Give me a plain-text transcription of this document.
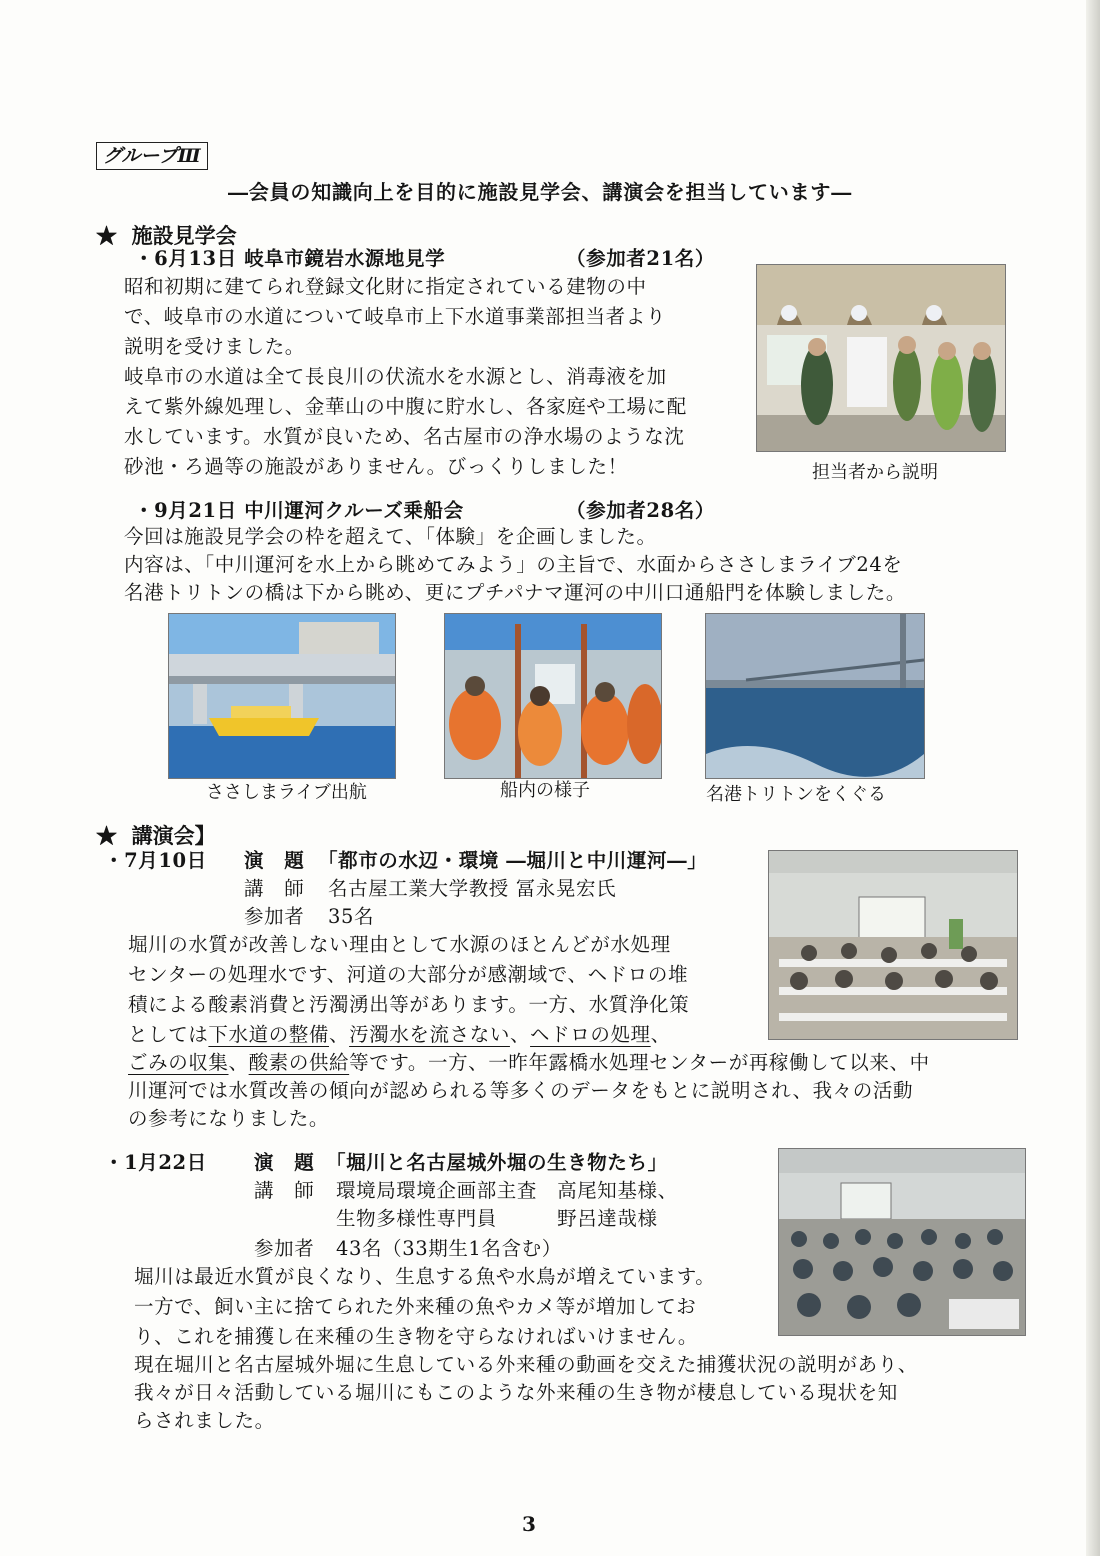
グループⅢ
―会員の知識向上を目的に施設見学会、講演会を担当しています―
★ 施設見学会
・6月13日 岐阜市鏡岩水源地見学	（参加者21名）
昭和初期に建てられ登録文化財に指定されている建物の中
で、岐阜市の水道について岐阜市上下水道事業部担当者より
説明を受けました。
岐阜市の水道は全て長良川の伏流水を水源とし、消毒液を加
えて紫外線処理し、金華山の中腹に貯水し、各家庭や工場に配
水しています。水質が良いため、名古屋市の浄水場のような沈
砂池・ろ過等の施設がありません。びっくりしました！	担当者から説明
・9月21日 中川運河クルーズ乗船会	（参加者28名）
今回は施設見学会の枠を超えて、「体験」を企画しました。
内容は、「中川運河を水上から眺めてみよう」の主旨で、水面からささしまライブ24を
名港トリトンの橋は下から眺め、更にプチパナマ運河の中川口通船門を体験しました。
ささしまライブ出航	船内の様子	名港トリトンをくぐる
★ 講演会】
・7月10日 演　題 「都市の水辺・環境 ―堀川と中川運河―」
講　師 名古屋工業大学教授 冨永晃宏氏
参加者 35名
堀川の水質が改善しない理由として水源のほとんどが水処理
センターの処理水です、河道の大部分が感潮域で、ヘドロの堆
積による酸素消費と汚濁湧出等があります。一方、水質浄化策
としては下水道の整備、汚濁水を流さない、ヘドロの処理、
ごみの収集、酸素の供給等です。一方、一昨年露橋水処理センターが再稼働して以来、中
川運河では水質改善の傾向が認められる等多くのデータをもとに説明され、我々の活動
の参考になりました。
・1月22日 演　題 「堀川と名古屋城外堀の生き物たち」
講　師 環境局環境企画部主査　高尾知基様、
生物多様性専門員　　　野呂達哉様
参加者 43名（33期生1名含む）
堀川は最近水質が良くなり、生息する魚や水鳥が増えています。
一方で、飼い主に捨てられた外来種の魚やカメ等が増加してお
り、これを捕獲し在来種の生き物を守らなければいけません。
現在堀川と名古屋城外堀に生息している外来種の動画を交えた捕獲状況の説明があり、
我々が日々活動している堀川にもこのような外来種の生き物が棲息している現状を知
らされました。
3
